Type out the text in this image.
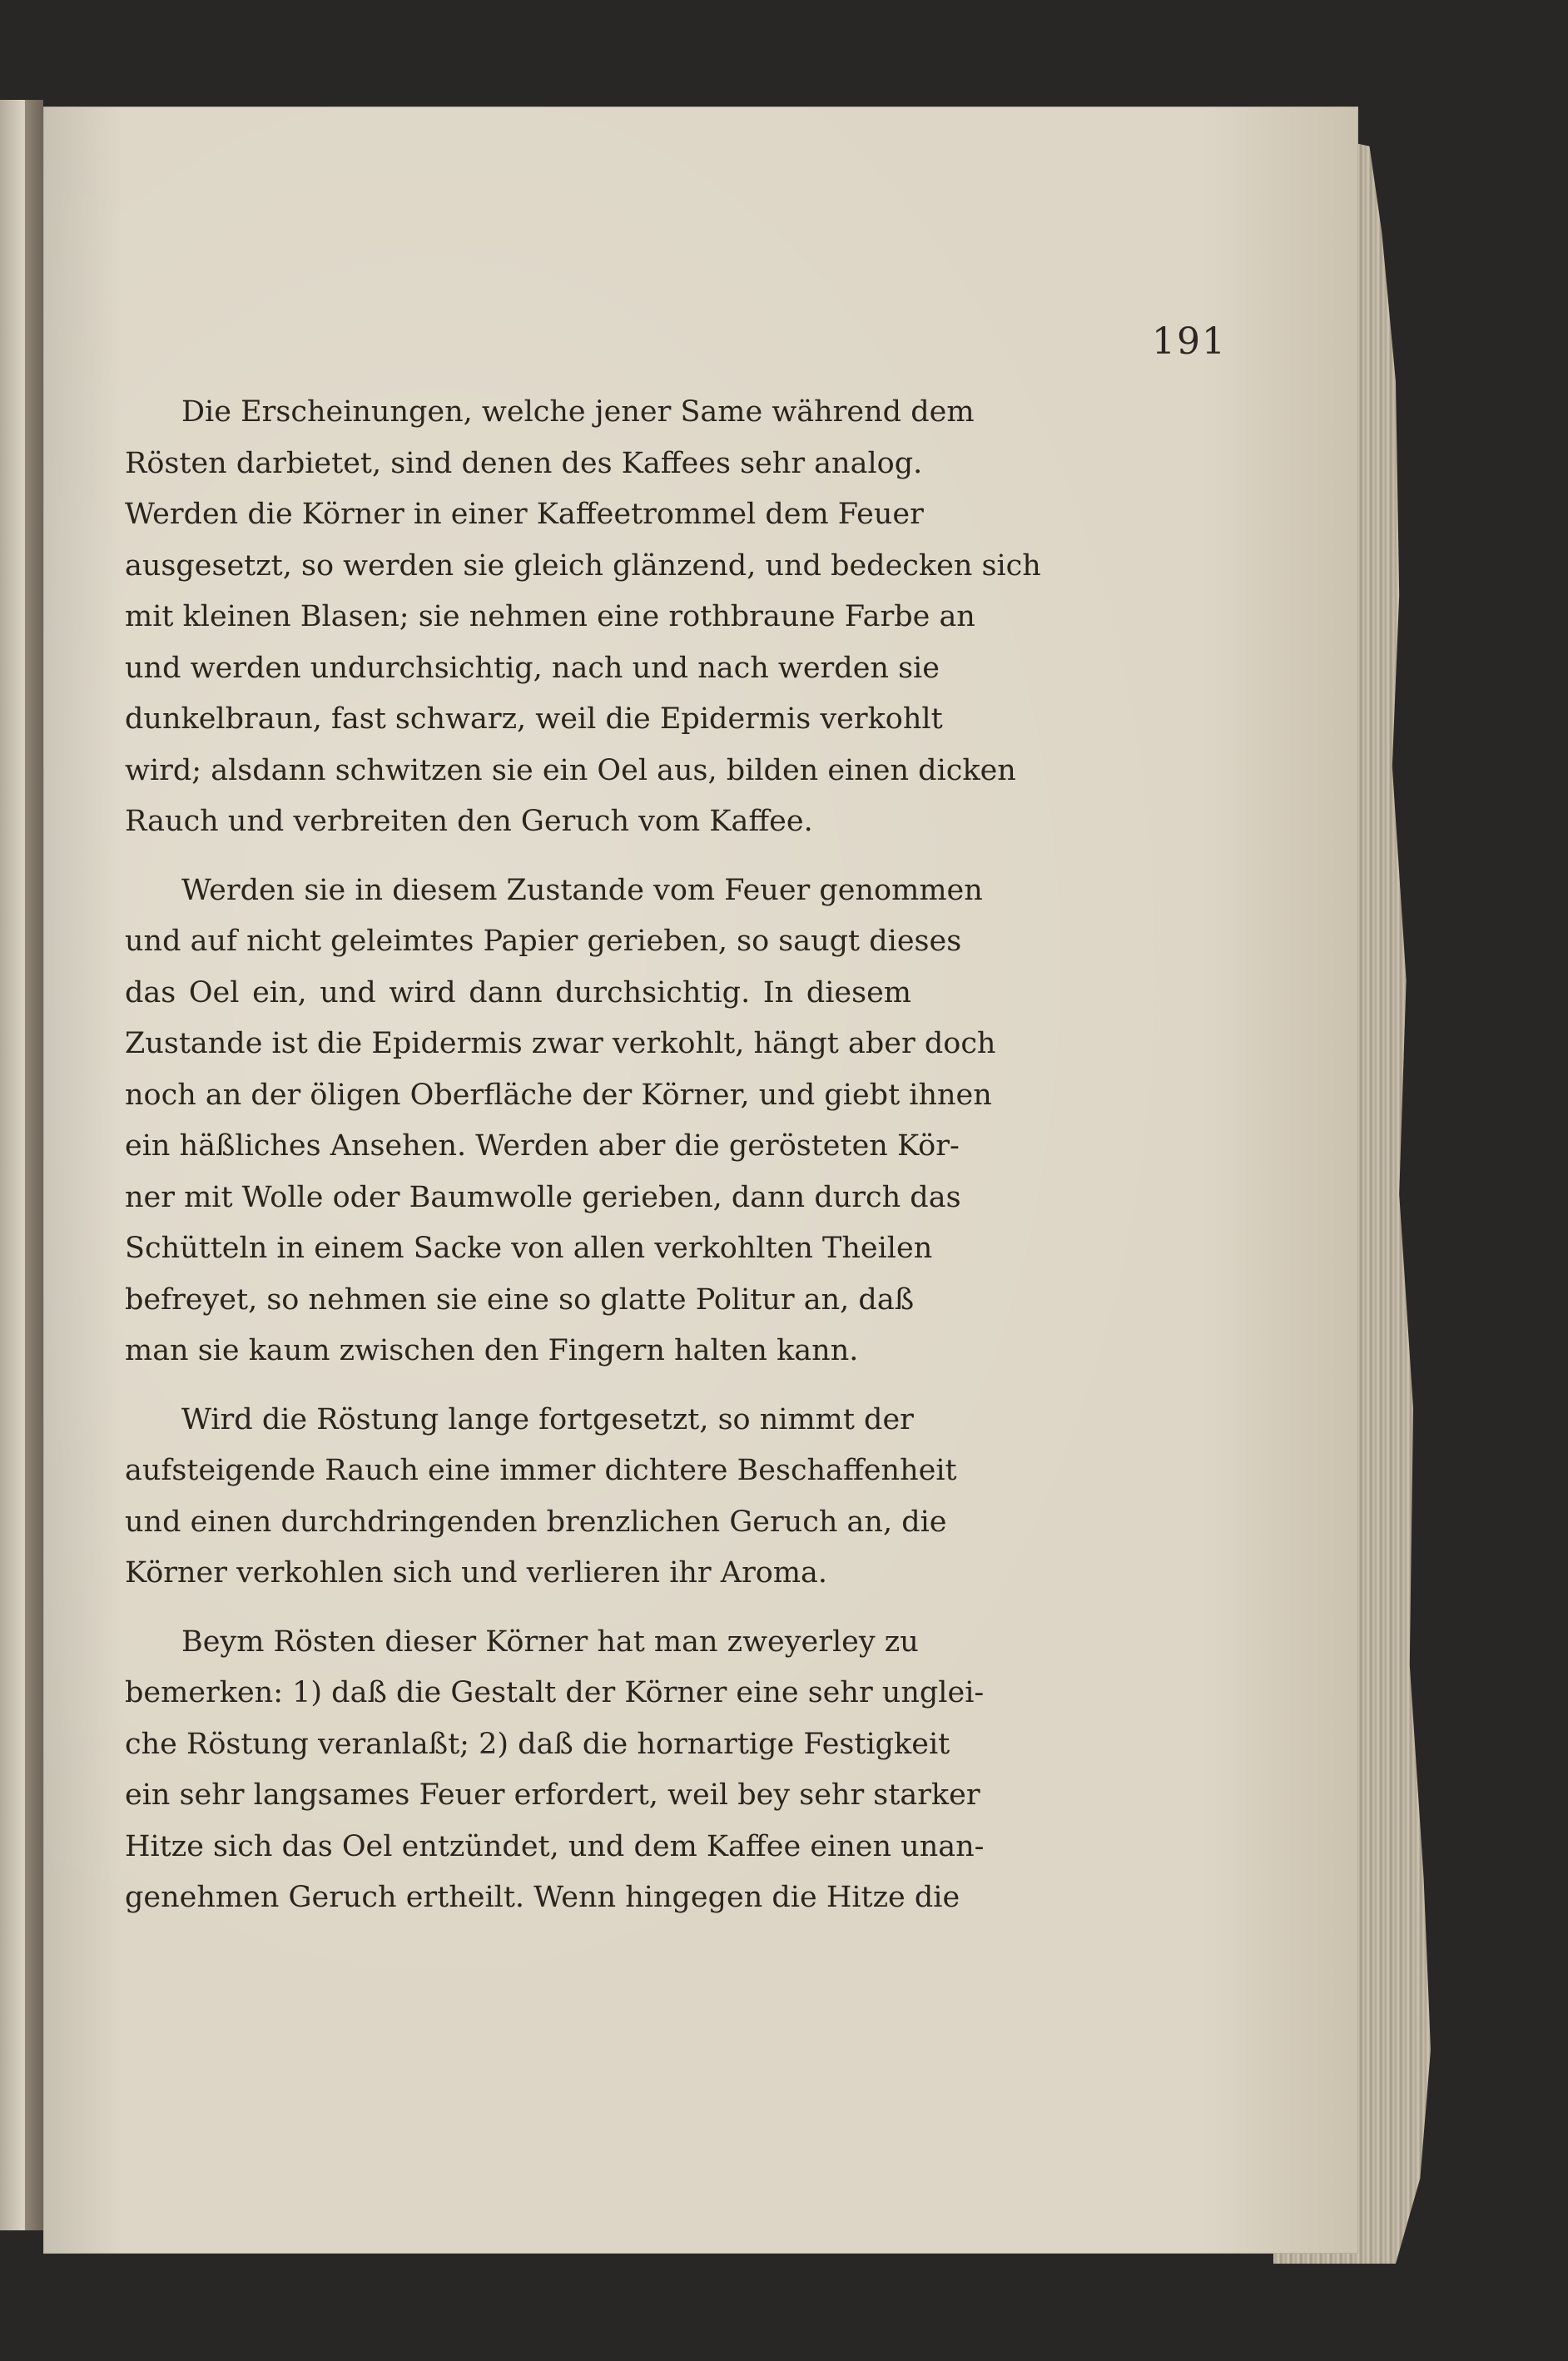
191

Die Erscheinungen, welche jener Same während dem
Rösten darbietet, sind denen des Kaffees sehr analog.
Werden die Körner in einer Kaffeetrommel dem Feuer
ausgesetzt, so werden sie gleich glänzend, und bedecken sich
mit kleinen Blasen; sie nehmen eine rothbraune Farbe an
und werden undurchsichtig, nach und nach werden sie
dunkelbraun, fast schwarz, weil die Epidermis verkohlt
wird; alsdann schwitzen sie ein Oel aus, bilden einen dicken
Rauch und verbreiten den Geruch vom Kaffee.

Werden sie in diesem Zustande vom Feuer genommen
und auf nicht geleimtes Papier gerieben, so saugt dieses
das Oel ein, und wird dann durchsichtig. In diesem
Zustande ist die Epidermis zwar verkohlt, hängt aber doch
noch an der öligen Oberfläche der Körner, und giebt ihnen
ein häßliches Ansehen. Werden aber die gerösteten Kör-
ner mit Wolle oder Baumwolle gerieben, dann durch das
Schütteln in einem Sacke von allen verkohlten Theilen
befreyet, so nehmen sie eine so glatte Politur an, daß
man sie kaum zwischen den Fingern halten kann.

Wird die Röstung lange fortgesetzt, so nimmt der
aufsteigende Rauch eine immer dichtere Beschaffenheit
und einen durchdringenden brenzlichen Geruch an, die
Körner verkohlen sich und verlieren ihr Aroma.

Beym Rösten dieser Körner hat man zweyerley zu
bemerken: 1) daß die Gestalt der Körner eine sehr unglei-
che Röstung veranlaßt; 2) daß die hornartige Festigkeit
ein sehr langsames Feuer erfordert, weil bey sehr starker
Hitze sich das Oel entzündet, und dem Kaffee einen unan-
genehmen Geruch ertheilt. Wenn hingegen die Hitze die
